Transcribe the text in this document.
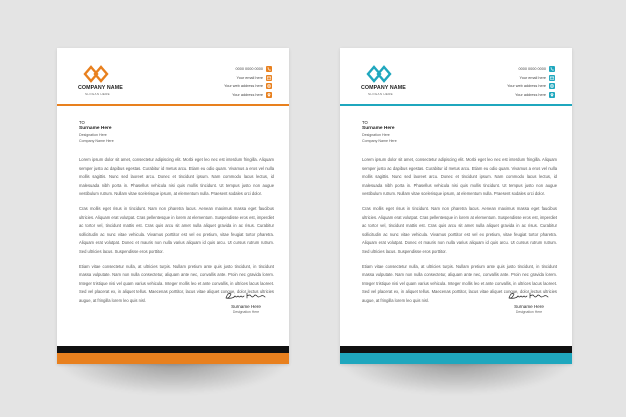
COMPANY NAME
SLOGAN HERE
0000 0000 0000
Your email here
Your web address here
Your address here
TO
Surname Here
Designation Here
Company Name Here

Lorem ipsum dolor sit amet, consectetur adipiscing elit. Morbi eget leo nec est interdum fringilla. Aliquam semper justo ac dapibus egestas. Curabitur id metus arcu. Etiam eu odio quam. Vivamus a eros vel nulla mollis sagittis. Nunc sed laoreet arcu. Donec et tincidunt ipsum. Nam commodo lacus lectus, id malesuada nibh porta in. Phasellus vehicula nisi quis mollis tincidunt. Ut tempus justo non augue vestibulum rutrum. Nullam vitae scelerisque ipsum, at elementum nulla. Praesent sodales orci dolor.

Cras mollis eget risus in tincidunt. Nam non pharetra lacus. Aenean maximus massa eget faucibus ultricies. Aliquam erat volutpat. Cras pellentesque in lorem at elementum. Suspendisse eros est, imperdiet ac tortor vel, tincidunt mattis est. Cras quis arcu sit amet nulla aliquet gravida in ac risus. Curabitur sollicitudin ac nunc vitae vehicula. Vivamus porttitor est vel ex pretium, vitae feugiat tortor pharetra. Aliquam erat volutpat. Donec et mauris non nulla varius aliquam id quis arcu. Ut cursus rutrum rutrum. Sed ultricies lacus. Suspendisse eros porttitor.

Etiam vitae consectetur nulla, at ultricies turpis. Nullam pretium ante quis justo tincidunt, in tincidunt massa vulputate. Nam non nulla consectetur, aliquam ante nec, convallis ante. Proin nec gravida lorem. Integer tristique nisi vel quam varius vehicula. Integer mollis leo et ante convallis, in ultrices lacus laoreet. Sed vel placerat ex, in aliquet tellus. Maecenas porttitor, lacus vitae aliquet congue, dolor lectus ultricies augue, at fringilla lorem leo quis nisl.

Surname Here
Designation Here
COMPANY NAME
SLOGAN HERE
0000 0000 0000
Your email here
Your web address here
Your address here
TO
Surname Here
Designation Here
Company Name Here

Lorem ipsum dolor sit amet, consectetur adipiscing elit. Morbi eget leo nec est interdum fringilla. Aliquam semper justo ac dapibus egestas. Curabitur id metus arcu. Etiam eu odio quam. Vivamus a eros vel nulla mollis sagittis. Nunc sed laoreet arcu. Donec et tincidunt ipsum. Nam commodo lacus lectus, id malesuada nibh porta in. Phasellus vehicula nisi quis mollis tincidunt. Ut tempus justo non augue vestibulum rutrum. Nullam vitae scelerisque ipsum, at elementum nulla. Praesent sodales orci dolor.

Cras mollis eget risus in tincidunt. Nam non pharetra lacus. Aenean maximus massa eget faucibus ultricies. Aliquam erat volutpat. Cras pellentesque in lorem at elementum. Suspendisse eros est, imperdiet ac tortor vel, tincidunt mattis est. Cras quis arcu sit amet nulla aliquet gravida in ac risus. Curabitur sollicitudin ac nunc vitae vehicula. Vivamus porttitor est vel ex pretium, vitae feugiat tortor pharetra. Aliquam erat volutpat. Donec et mauris non nulla varius aliquam id quis arcu. Ut cursus rutrum rutrum. Sed ultricies lacus. Suspendisse eros porttitor.

Etiam vitae consectetur nulla, at ultricies turpis. Nullam pretium ante quis justo tincidunt, in tincidunt massa vulputate. Nam non nulla consectetur, aliquam ante nec, convallis ante. Proin nec gravida lorem. Integer tristique nisi vel quam varius vehicula. Integer mollis leo et ante convallis, in ultrices lacus laoreet. Sed vel placerat ex, in aliquet tellus. Maecenas porttitor, lacus vitae aliquet congue, dolor lectus ultricies augue, at fringilla lorem leo quis nisl.

Surname Here
Designation Here
